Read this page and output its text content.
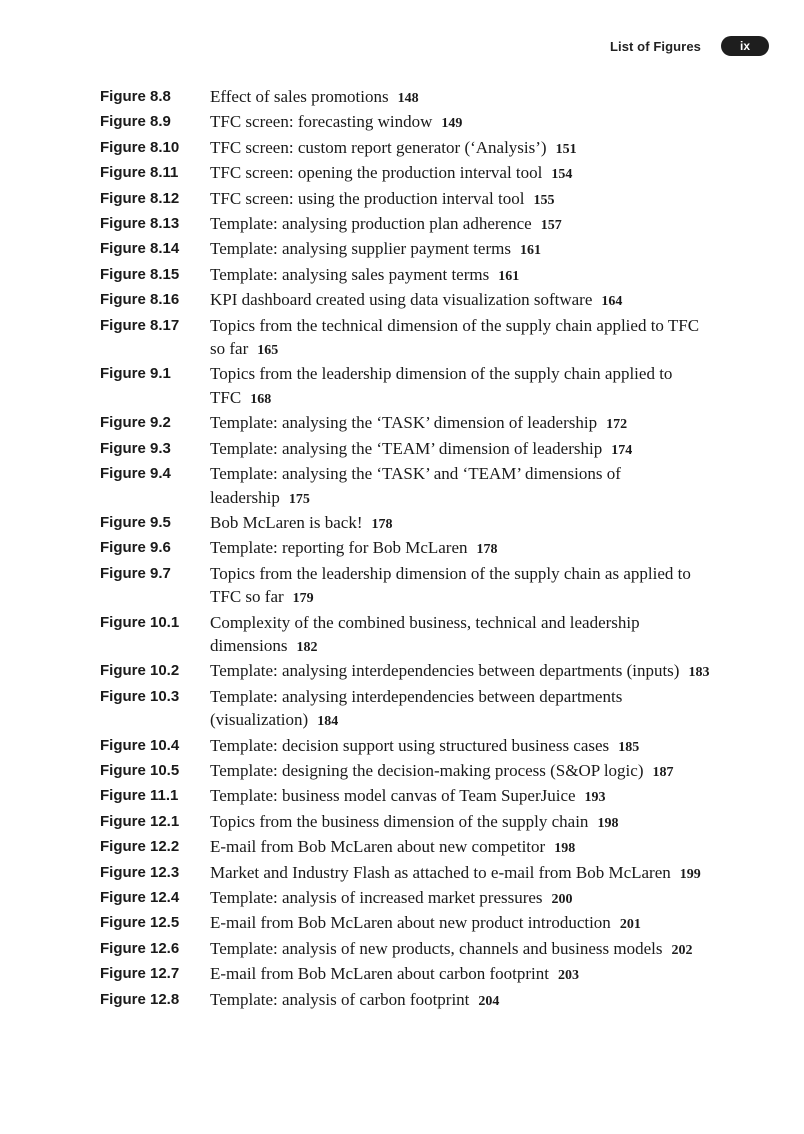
List of Figures	ix
Figure 8.8	Effect of sales promotions 148
Figure 8.9	TFC screen: forecasting window 149
Figure 8.10	TFC screen: custom report generator (‘Analysis’) 151
Figure 8.11	TFC screen: opening the production interval tool 154
Figure 8.12	TFC screen: using the production interval tool 155
Figure 8.13	Template: analysing production plan adherence 157
Figure 8.14	Template: analysing supplier payment terms 161
Figure 8.15	Template: analysing sales payment terms 161
Figure 8.16	KPI dashboard created using data visualization software 164
Figure 8.17	Topics from the technical dimension of the supply chain applied to TFC so far 165
Figure 9.1	Topics from the leadership dimension of the supply chain applied to TFC 168
Figure 9.2	Template: analysing the ‘TASK’ dimension of leadership 172
Figure 9.3	Template: analysing the ‘TEAM’ dimension of leadership 174
Figure 9.4	Template: analysing the ‘TASK’ and ‘TEAM’ dimensions of leadership 175
Figure 9.5	Bob McLaren is back! 178
Figure 9.6	Template: reporting for Bob McLaren 178
Figure 9.7	Topics from the leadership dimension of the supply chain as applied to TFC so far 179
Figure 10.1	Complexity of the combined business, technical and leadership dimensions 182
Figure 10.2	Template: analysing interdependencies between departments (inputs) 183
Figure 10.3	Template: analysing interdependencies between departments (visualization) 184
Figure 10.4	Template: decision support using structured business cases 185
Figure 10.5	Template: designing the decision-making process (S&OP logic) 187
Figure 11.1	Template: business model canvas of Team SuperJuice 193
Figure 12.1	Topics from the business dimension of the supply chain 198
Figure 12.2	E-mail from Bob McLaren about new competitor 198
Figure 12.3	Market and Industry Flash as attached to e-mail from Bob McLaren 199
Figure 12.4	Template: analysis of increased market pressures 200
Figure 12.5	E-mail from Bob McLaren about new product introduction 201
Figure 12.6	Template: analysis of new products, channels and business models 202
Figure 12.7	E-mail from Bob McLaren about carbon footprint 203
Figure 12.8	Template: analysis of carbon footprint 204
